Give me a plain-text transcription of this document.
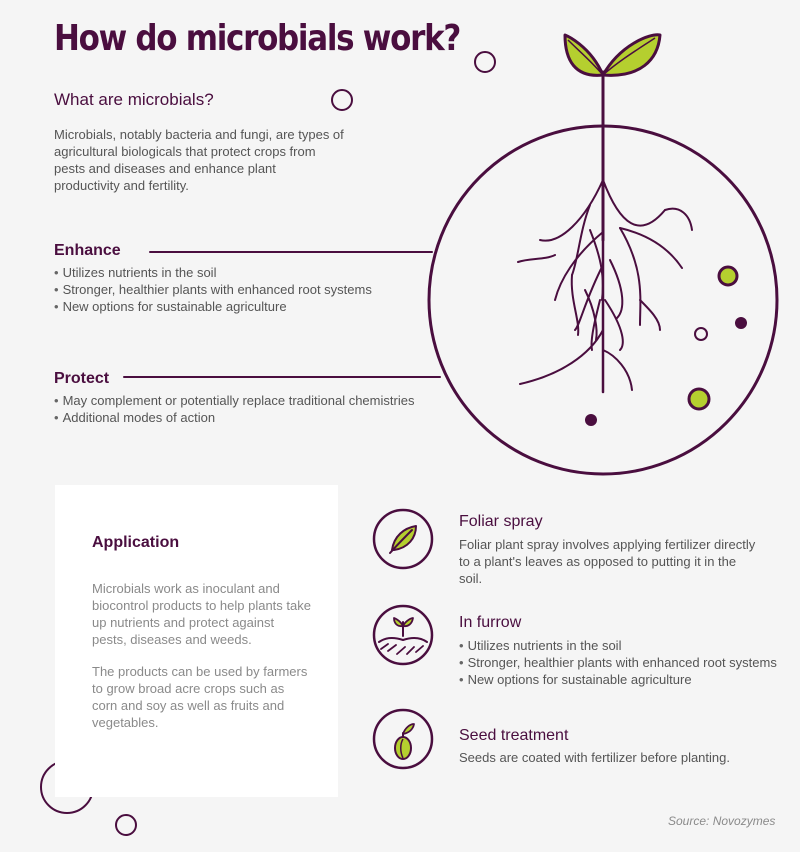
How do microbials work?
What are microbials?

Microbials, notably bacteria and fungi, are types of agricultural biologicals that protect crops from pests and diseases and enhance plant productivity and fertility.

Enhance
• Utilizes nutrients in the soil
• Stronger, healthier plants with enhanced root systems
• New options for sustainable agriculture
Protect
• May complement or potentially replace traditional chemistries
• Additional modes of action
Application

Microbials work as inoculant and biocontrol products to help plants take up nutrients and protect against pests, diseases and weeds.

The products can be used by farmers to grow broad acre crops such as corn and soy as well as fruits and vegetables.

Foliar spray

Foliar plant spray involves applying fertilizer directly to a plant's leaves as opposed to putting it in the soil.

In furrow
• Utilizes nutrients in the soil
• Stronger, healthier plants with enhanced root systems
• New options for sustainable agriculture
Seed treatment

Seeds are coated with fertilizer before planting.

Source: Novozymes
